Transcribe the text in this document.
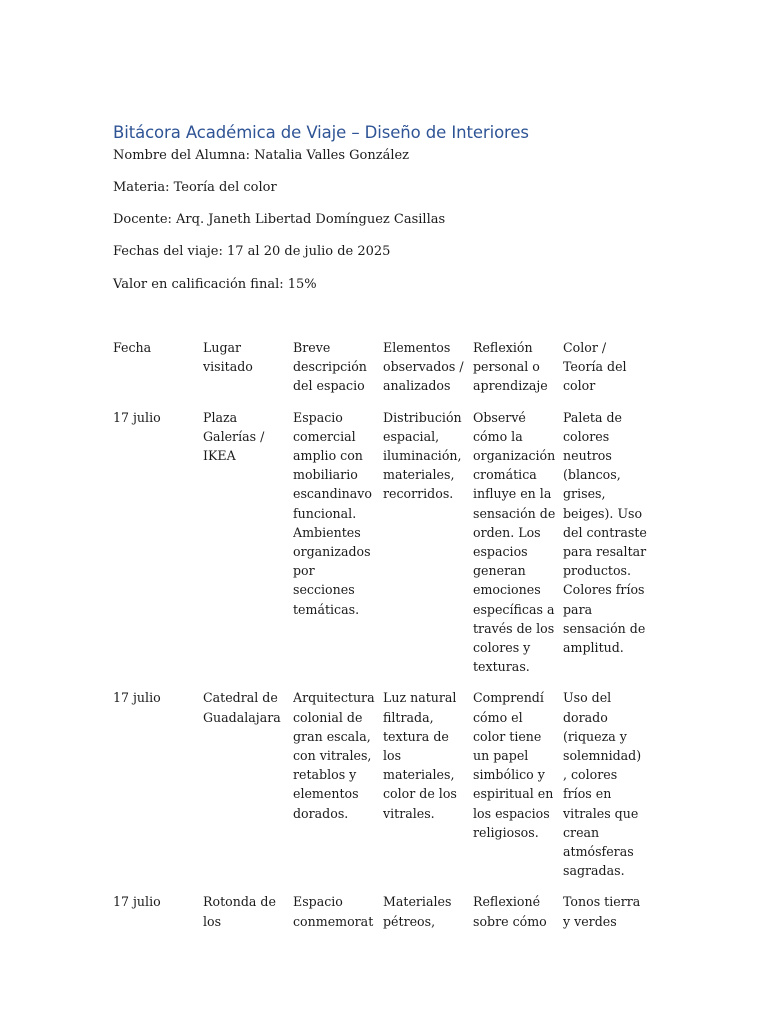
Bitácora Académica de Viaje – Diseño de Interiores

Nombre del Alumna: Natalia Valles González

Materia: Teoría del color

Docente: Arq. Janeth Libertad Domínguez Casillas

Fechas del viaje: 17 al 20 de julio de 2025

Valor en calificación final: 15%

Fecha	Lugar visitado	Breve descripción del espacio	Elementos observados / analizados	Reflexión personal o aprendizaje	Color / Teoría del color

17 julio	Plaza Galerías / IKEA	Espacio comercial amplio con mobiliario escandinavo funcional. Ambientes organizados por secciones temáticas.	Distribución espacial, iluminación, materiales, recorridos.	Observé cómo la organización cromática influye en la sensación de orden. Los espacios generan emociones específicas a través de los colores y texturas.	Paleta de colores neutros (blancos, grises, beiges). Uso del contraste para resaltar productos. Colores fríos para sensación de amplitud.

17 julio	Catedral de Guadalajara	Arquitectura colonial de gran escala, con vitrales, retablos y elementos dorados.	Luz natural filtrada, textura de los materiales, color de los vitrales.	Comprendí cómo el color tiene un papel simbólico y espiritual en los espacios religiosos.	Uso del dorado (riqueza y solemnidad) , colores fríos en vitrales que crean atmósferas sagradas.

17 julio	Rotonda de los	Espacio conmemorat	Materiales pétreos,	Reflexioné sobre cómo	Tonos tierra y verdes
